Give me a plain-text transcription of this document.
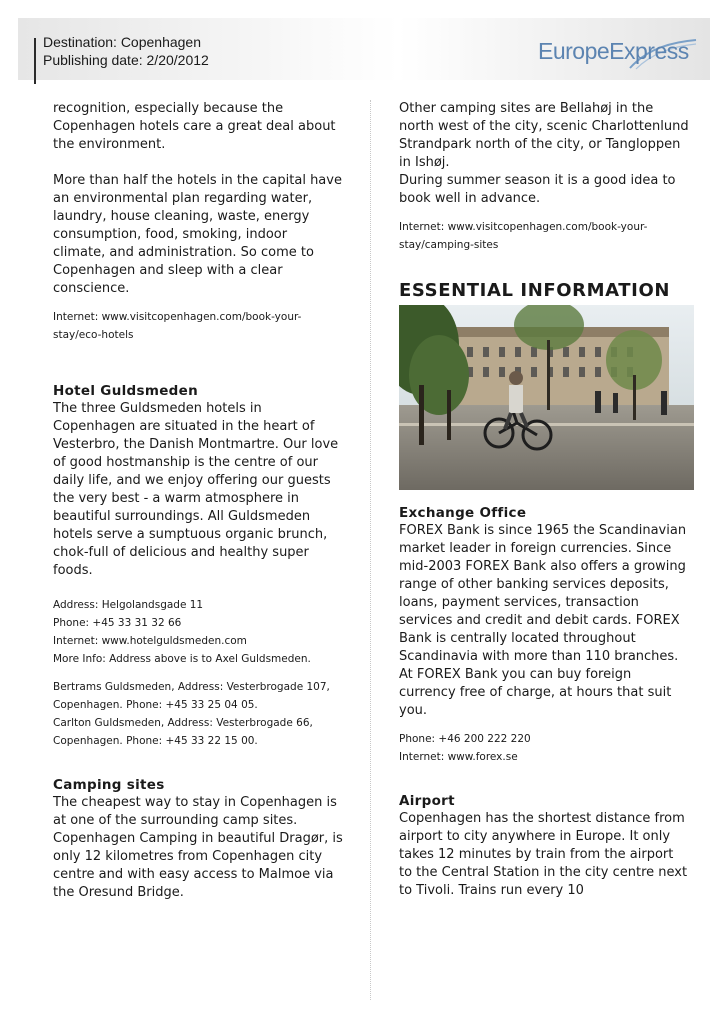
Destination: Copenhagen
Publishing date: 2/20/2012	EuropeExpress

recognition, especially because the Copenhagen hotels care a great deal about the environment.

More than half the hotels in the capital have an environmental plan regarding water, laundry, house cleaning, waste, energy consumption, food, smoking, indoor climate, and administration. So come to Copenhagen and sleep with a clear conscience.

Internet: www.visitcopenhagen.com/book-your-stay/eco-hotels

Hotel Guldsmeden

The three Guldsmeden hotels in Copenhagen are situated in the heart of Vesterbro, the Danish Montmartre. Our love of good hostmanship is the centre of our daily life, and we enjoy offering our guests the very best - a warm atmosphere in beautiful surroundings. All Guldsmeden hotels serve a sumptuous organic brunch, chok-full of delicious and healthy super foods.

Address: Helgolandsgade 11

Phone: +45 33 31 32 66

Internet: www.hotelguldsmeden.com

More Info: Address above is to Axel Guldsmeden.

Bertrams Guldsmeden, Address: Vesterbrogade 107, Copenhagen. Phone: +45 33 25 04 05.

Carlton Guldsmeden, Address: Vesterbrogade 66, Copenhagen. Phone: +45 33 22 15 00.

Camping sites

The cheapest way to stay in Copenhagen is at one of the surrounding camp sites. Copenhagen Camping in beautiful Dragør, is only 12 kilometres from Copenhagen city centre and with easy access to Malmoe via the Oresund Bridge.

Other camping sites are Bellahøj in the north west of the city, scenic Charlottenlund Strandpark north of the city, or Tangloppen in Ishøj.

During summer season it is a good idea to book well in advance.

Internet: www.visitcopenhagen.com/book-your-stay/camping-sites

ESSENTIAL INFORMATION

Exchange Office

FOREX Bank is since 1965 the Scandinavian market leader in foreign currencies. Since mid-2003 FOREX Bank also offers a growing range of other banking services deposits, loans, payment services, transaction services and credit and debit cards. FOREX Bank is centrally located throughout Scandinavia with more than 110 branches. At FOREX Bank you can buy foreign currency free of charge, at hours that suit you.

Phone: +46 200 222 220

Internet: www.forex.se

Airport

Copenhagen has the shortest distance from airport to city anywhere in Europe. It only takes 12 minutes by train from the airport to the Central Station in the city centre next to Tivoli. Trains run every 10
